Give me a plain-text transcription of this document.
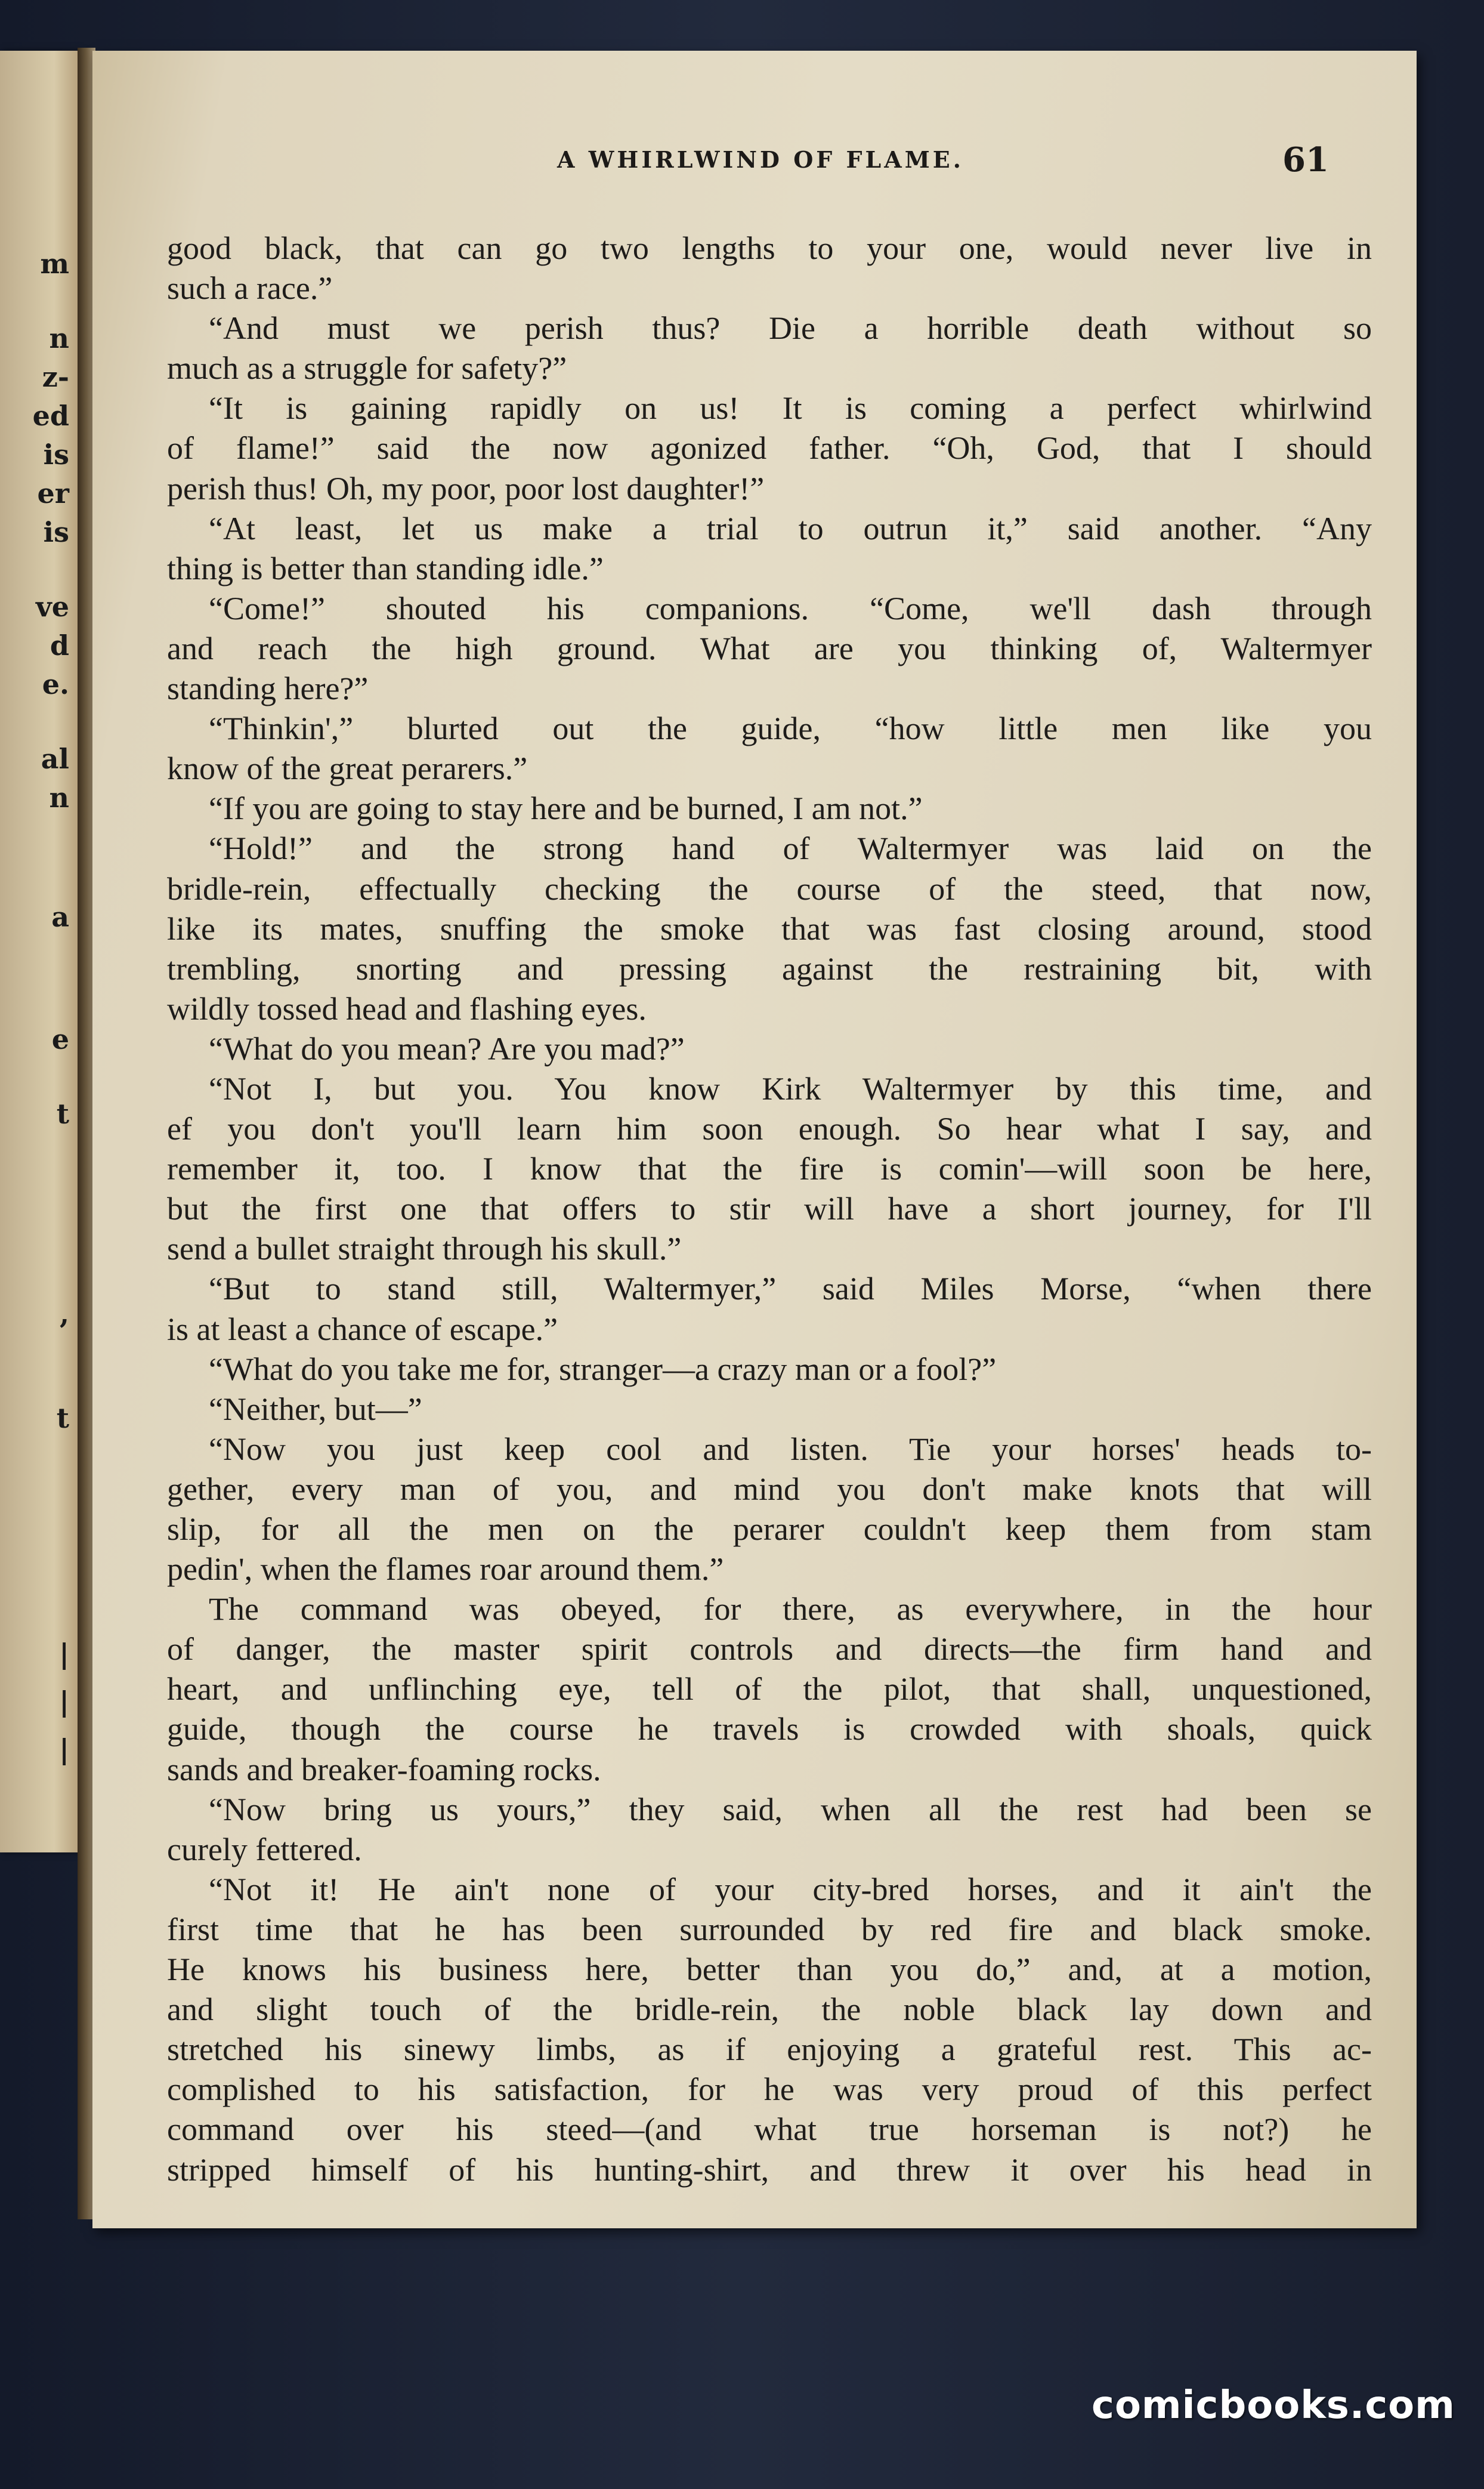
m
n
z-
ed
is
er
is
ve
d
e.
al
n
a
e
t
,
t
|
|
|
A WHIRLWIND OF FLAME.	61
good black, that can go two lengths to your one, would never live in
such a race.”
“And must we perish thus? Die a horrible death without so
much as a struggle for safety?”
“It is gaining rapidly on us! It is coming a perfect whirlwind
of flame!” said the now agonized father. “Oh, God, that I should
perish thus! Oh, my poor, poor lost daughter!”
“At least, let us make a trial to outrun it,” said another. “Any
thing is better than standing idle.”
“Come!” shouted his companions. “Come, we'll dash through
and reach the high ground. What are you thinking of, Waltermyer
standing here?”
“Thinkin',” blurted out the guide, “how little men like you
know of the great perarers.”
“If you are going to stay here and be burned, I am not.”
“Hold!” and the strong hand of Waltermyer was laid on the
bridle-rein, effectually checking the course of the steed, that now,
like its mates, snuffing the smoke that was fast closing around, stood
trembling, snorting and pressing against the restraining bit, with
wildly tossed head and flashing eyes.
“What do you mean? Are you mad?”
“Not I, but you. You know Kirk Waltermyer by this time, and
ef you don't you'll learn him soon enough. So hear what I say, and
remember it, too. I know that the fire is comin'—will soon be here,
but the first one that offers to stir will have a short journey, for I'll
send a bullet straight through his skull.”
“But to stand still, Waltermyer,” said Miles Morse, “when there
is at least a chance of escape.”
“What do you take me for, stranger—a crazy man or a fool?”
“Neither, but—”
“Now you just keep cool and listen. Tie your horses' heads to-
gether, every man of you, and mind you don't make knots that will
slip, for all the men on the perarer couldn't keep them from stam
pedin', when the flames roar around them.”
The command was obeyed, for there, as everywhere, in the hour
of danger, the master spirit controls and directs—the firm hand and
heart, and unflinching eye, tell of the pilot, that shall, unquestioned,
guide, though the course he travels is crowded with shoals, quick
sands and breaker-foaming rocks.
“Now bring us yours,” they said, when all the rest had been se
curely fettered.
“Not it! He ain't none of your city-bred horses, and it ain't the
first time that he has been surrounded by red fire and black smoke.
He knows his business here, better than you do,” and, at a motion,
and slight touch of the bridle-rein, the noble black lay down and
stretched his sinewy limbs, as if enjoying a grateful rest. This ac-
complished to his satisfaction, for he was very proud of this perfect
command over his steed—(and what true horseman is not?) he
stripped himself of his hunting-shirt, and threw it over his head in
comicbooks.com
